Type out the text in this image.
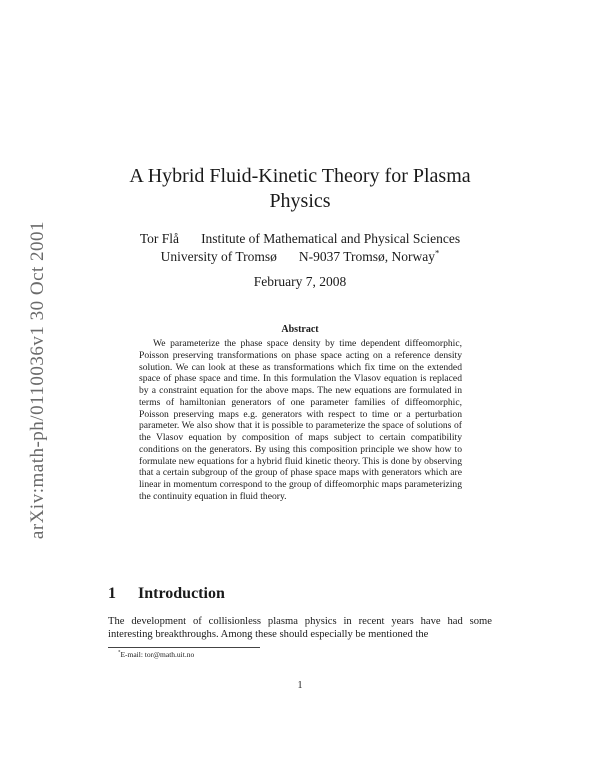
arXiv:math-ph/0110036v1 30 Oct 2001
A Hybrid Fluid-Kinetic Theory for Plasma Physics
Tor Flå Institute of Mathematical and Physical Sciences
University of Tromsø N-9037 Tromsø, Norway*
February 7, 2008
Abstract

We parameterize the phase space density by time dependent diffeomorphic, Poisson preserving transformations on phase space acting on a reference density solution. We can look at these as transformations which fix time on the extended space of phase space and time. In this formulation the Vlasov equation is replaced by a constraint equation for the above maps. The new equations are formulated in terms of hamiltonian generators of one parameter families of diffeomorphic, Poisson preserving maps e.g. generators with respect to time or a perturbation parameter. We also show that it is possible to parameterize the space of solutions of the Vlasov equation by composition of maps subject to certain compatibility conditions on the generators. By using this composition principle we show how to formulate new equations for a hybrid fluid kinetic theory. This is done by observing that a certain subgroup of the group of phase space maps with generators which are linear in momentum correspond to the group of diffeomorphic maps parameterizing the continuity equation in fluid theory.

1 Introduction

The development of collisionless plasma physics in recent years have had some interesting breakthroughs. Among these should especially be mentioned the

*E-mail: tor@math.uit.no
1
